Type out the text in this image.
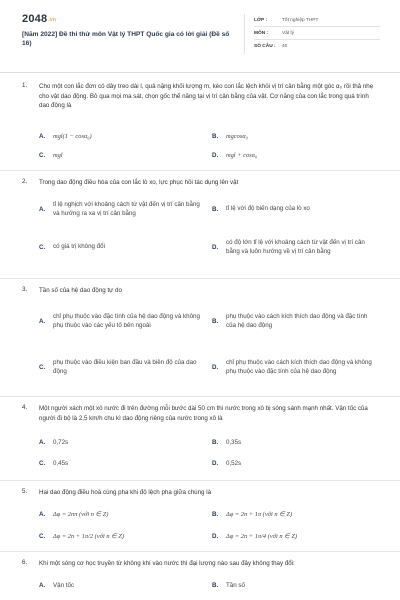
2048.vn
[Năm 2022] Đề thi thử môn Vật lý THPT Quốc gia có lời giải (Đề số 16)
LỚP :	Tốt nghiệp THPT
MÔN :	Vật lý
SỐ CÂU :	40
1. Cho một con lắc đơn có dây treo dài l, quả nặng khối lượng m, kéo con lắc lệch khỏi vị trí cân bằng một góc α₀ rồi thả nhẹ cho vật dao động. Bỏ qua mọi ma sát, chọn gốc thế năng tại vị trí cân bằng của vật. Cơ năng của con lắc trong quá trình dao động là
A.	mgl(1 − cosα₀)	B.	mgcosα₀
C.	mgl	D.	mgl + cosα₀
2. Trong dao động điều hòa của con lắc lò xo, lực phục hồi tác dụng lên vật
A.
tỉ lệ nghịch với khoảng cách từ vật đến vị trí cân bằng và hướng ra xa vị trí cân bằng
B.	tỉ lệ với độ biến dạng của lò xo
C.	có giá trị không đổi	D.
có độ lớn tỉ lệ với khoảng cách từ vật đến vị trí cân bằng và luôn hướng về vị trí cân bằng
3. Tần số của hệ dao động tự do
A.
chỉ phụ thuộc vào đặc tính của hệ dao động và không phụ thuộc vào các yếu tố bên ngoài
B.
phụ thuộc vào cách kích thích dao động và đặc tính của hệ dao động
C.
phụ thuộc vào điều kiện ban đầu và biên độ của dao động
D.
chỉ phụ thuộc vào cách kích thích dao động và không phụ thuộc vào đặc tính của hệ dao động
4. Một người xách một xô nước đi trên đường mỗi bước dài 50 cm thì nước trong xô bị sóng sánh mạnh nhất. Vận tốc của người đi bộ là 2,5 km/h chu kì dao động riêng của nước trong xô là
A.	0,72s	B.	0,35s
C.	0,45s	D.	0,52s
5. Hai dao động điều hoà cùng pha khi độ lệch pha giữa chúng là
A.	Δφ = 2nπ (với n ∈ Z)	B.	Δφ = 2n + 1π (với n ∈ Z)
C.	Δφ = 2n + 1π/2 (với n ∈ Z)	D.	Δφ = 2n + 1π/4 (với n ∈ Z)
6. Khi một sóng cơ học truyền từ không khí vào nước thì đại lượng nào sau đây không thay đổi:
A.	Vận tốc	B.	Tần số
